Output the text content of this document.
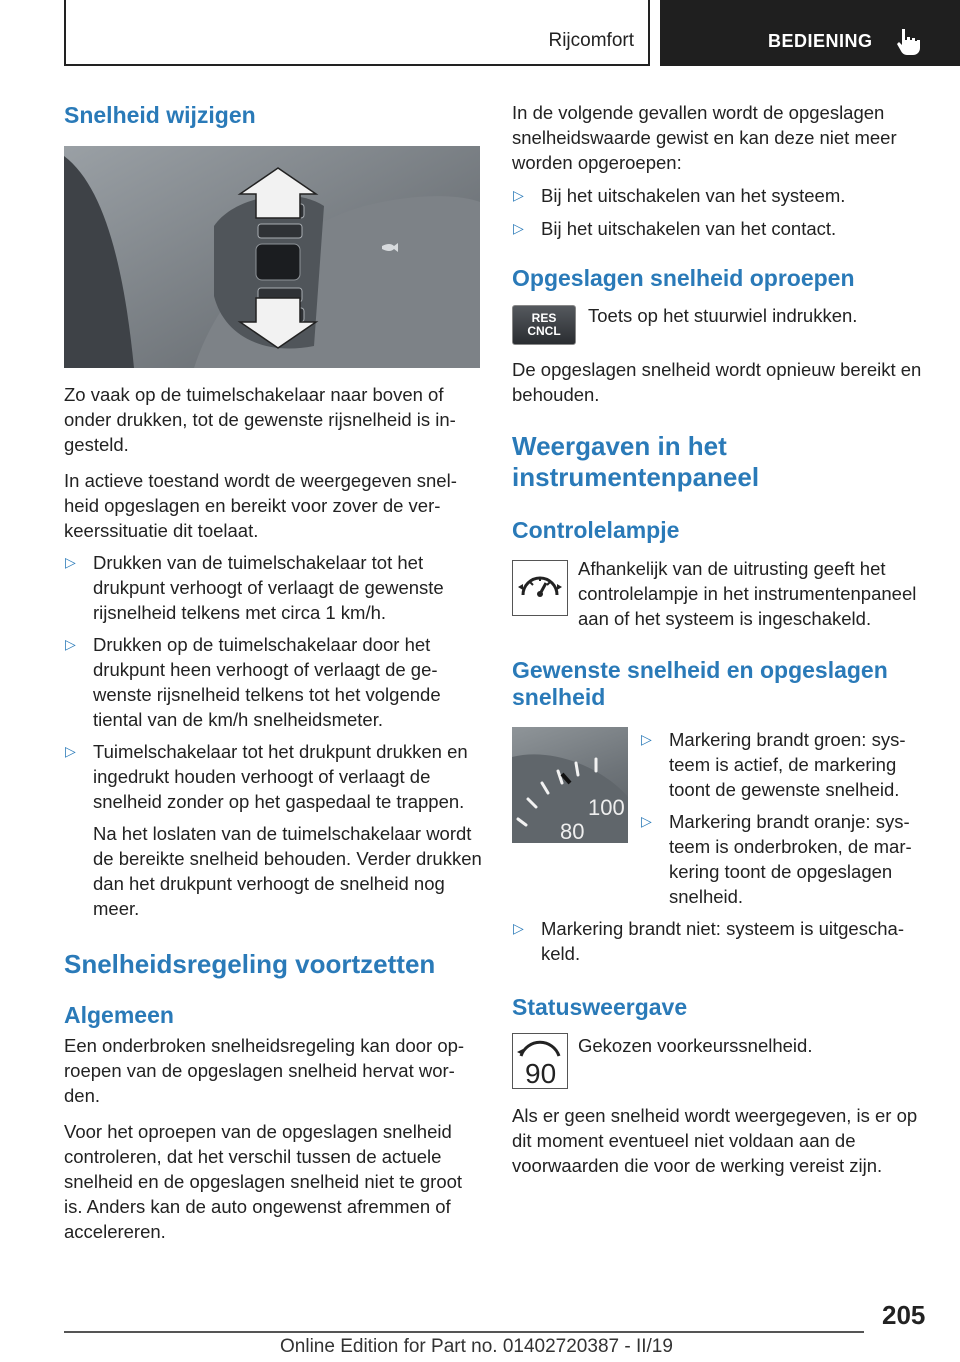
Rijcomfort	BEDIENING
Snelheid wijzigen

Zo vaak op de tuimelschakelaar naar boven of onder drukken, tot de gewenste rijsnelheid is ingesteld.

In actieve toestand wordt de weergegeven snelheid opgeslagen en bereikt voor zover de verkeerssituatie dit toelaat.

▷ Drukken van de tuimelschakelaar tot het drukpunt verhoogt of verlaagt de gewenste rijsnelheid telkens met circa 1 km/h.
▷ Drukken op de tuimelschakelaar door het drukpunt heen verhoogt of verlaagt de gewenste rijsnelheid telkens tot het volgende tiental van de km/h snelheidsmeter.
▷ Tuimelschakelaar tot het drukpunt drukken en ingedrukt houden verhoogt of verlaagt de snelheid zonder op het gaspedaal te trappen.

Na het loslaten van de tuimelschakelaar wordt de bereikte snelheid behouden. Verder drukken dan het drukpunt verhoogt de snelheid nog meer.

Snelheidsregeling voortzetten
Algemeen

Een onderbroken snelheidsregeling kan door oproepen van de opgeslagen snelheid hervat worden.

Voor het oproepen van de opgeslagen snelheid controleren, dat het verschil tussen de actuele snelheid en de opgeslagen snelheid niet te groot is. Anders kan de auto ongewenst afremmen of accelereren.

In de volgende gevallen wordt de opgeslagen snelheidswaarde gewist en kan deze niet meer worden opgeroepen:

▷ Bij het uitschakelen van het systeem.
▷ Bij het uitschakelen van het contact.
Opgeslagen snelheid oproepen
RES
CNCL
Toets op het stuurwiel indrukken.

De opgeslagen snelheid wordt opnieuw bereikt en behouden.

Weergaven in het
instrumentenpaneel
Controlelampje
Afhankelijk van de uitrusting geeft het controlelampje in het instrumentenpaneel aan of het systeem is ingeschakeld.
Gewenste snelheid en opgeslagen
snelheid
100
80
▷ Markering brandt groen: systeem is actief, de markering toont de gewenste snelheid.
▷ Markering brandt oranje: systeem is onderbroken, de markering toont de opgeslagen snelheid.
▷ Markering brandt niet: systeem is uitgeschakeld.
Statusweergave
90
Gekozen voorkeurssnelheid.

Als er geen snelheid wordt weergegeven, is er op dit moment eventueel niet voldaan aan de voorwaarden die voor de werking vereist zijn.

205
Online Edition for Part no. 01402720387 - II/19
